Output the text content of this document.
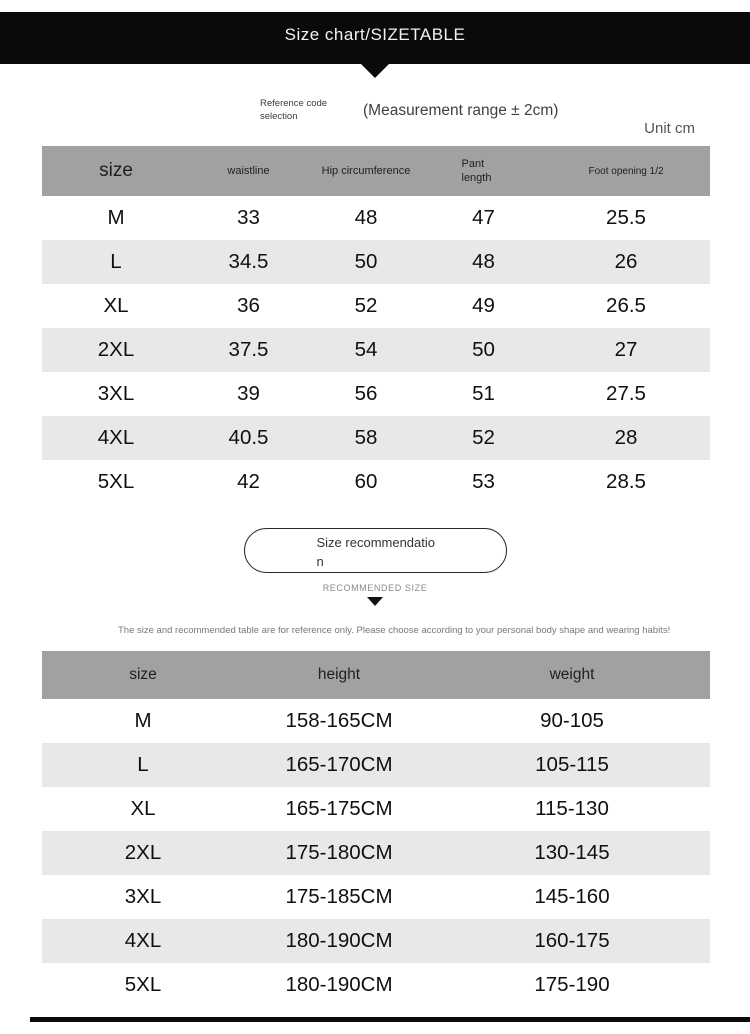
Size chart/SIZETABLE
Reference code selection	(Measurement range ± 2cm)
Unit cm
size	waistline	Hip circumference	Pant length	Foot opening 1/2
M	33	48	47	25.5
L	34.5	50	48	26
XL	36	52	49	26.5
2XL	37.5	54	50	27
3XL	39	56	51	27.5
4XL	40.5	58	52	28
5XL	42	60	53	28.5
Size recommendation
RECOMMENDED SIZE
The size and recommended table are for reference only. Please choose according to your personal body shape and wearing habits!
size	height	weight
M	158-165CM	90-105
L	165-170CM	105-115
XL	165-175CM	115-130
2XL	175-180CM	130-145
3XL	175-185CM	145-160
4XL	180-190CM	160-175
5XL	180-190CM	175-190
